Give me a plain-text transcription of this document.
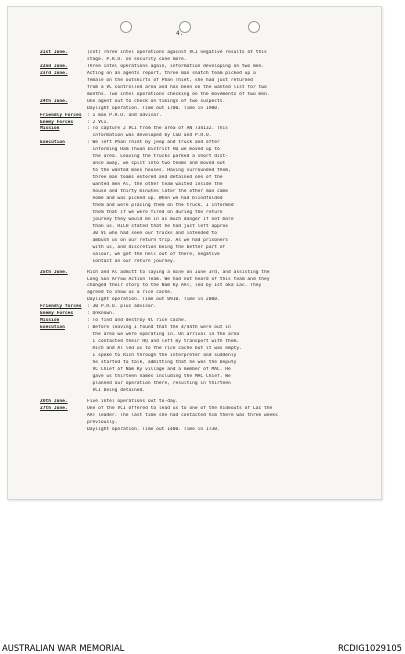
4.
21st June.	(cnt) Three intel operations against VCI negative results at this
stage. P.R.U. on security cone more.
22nd June.	Three intel operations again, information developing on two men.
23rd June.	Acting on an agents report, three man snatch team picked up a
female on the outskirts of Phan Thiet, she had just returned
from a VC controlled area and has been on the wanted list for two
months. Two intel operations checking on the movements of two men.
24th June.	One agent out to check on timings of two suspects.
Daylight operation. Time out 1700. Time in 1900.
Friendly Forces	: 1 man P.R.U. and advisor.
Enemy Forces	: 2 VCI.
Mission	: To capture 2 VCI from the area of AN 734132. This
information was developed by CSD and P.R.U.
Execution	: We left Phan Thiet by jeep and truck and after
informing Ham Thuan District HQ we moved up to
the area. Leaving the trucks parked a short dist-
ance away, we split into two teams and moved out
to the wanted mans houses. Having surrounded them,
three man teams entered and detained one of the
wanted men Al, the other team waited inside the
house and thirty minutes later the other man came
home and was picked up. When we had blindfolded
them and were placing them on the truck, I informed
them that if we were fired on during the return
journey they would be in as much danger if not more
than us. RICH stated that he had just left approx
30 VC who had seen our trucks and intended to
ambush us on our return trip. As we had prisoners
with us, and discretion being the better part of
valour, we got the hell out of there, negative
contact on our return journey.
25th June.	Rich and Al admitt to laying a mine on June 3rd, and assisting the
Long Son Arrow Action Team. We had not heard of this team and they
changed their story to the Nam Ky AAT, led by 1st aka Lac. They
agreed to show us a rice cache.
Daylight operation. Time out 0910. Time in 2000.
Friendly forces	: 30 P.R.U. plus advisor.
Enemy Forces	: Unknown.
Mission	: To find and destroy VC rice cache.
Execution	: Before leaving I found that the 4/44th were out in
the area we were operating in. On arrival in the area
I contacted their HQ and left my transport with them.
Rich and Al led us to the rice cache but it was empty.
I spoke to Rich through the interpreter and suddenly
he started to talk, admitting that he was the Deputy
VC Chief of Nam Ky village and a member of MAC. He
gave us thirteen names including the MAC Chief. We
planned our operation there, resulting in thirteen
VCI being detained.
26th June.	Five intel operations out to-day.
27th June.	One of the VCI offered to lead us to one of the hideouts of Lac the
AAT leader. The last time she had contacted him there was three weeks
previously.
Daylight operation. Time out 1400. Time in 1730.
AUSTRALIAN WAR MEMORIAL	RCDIG1029105
